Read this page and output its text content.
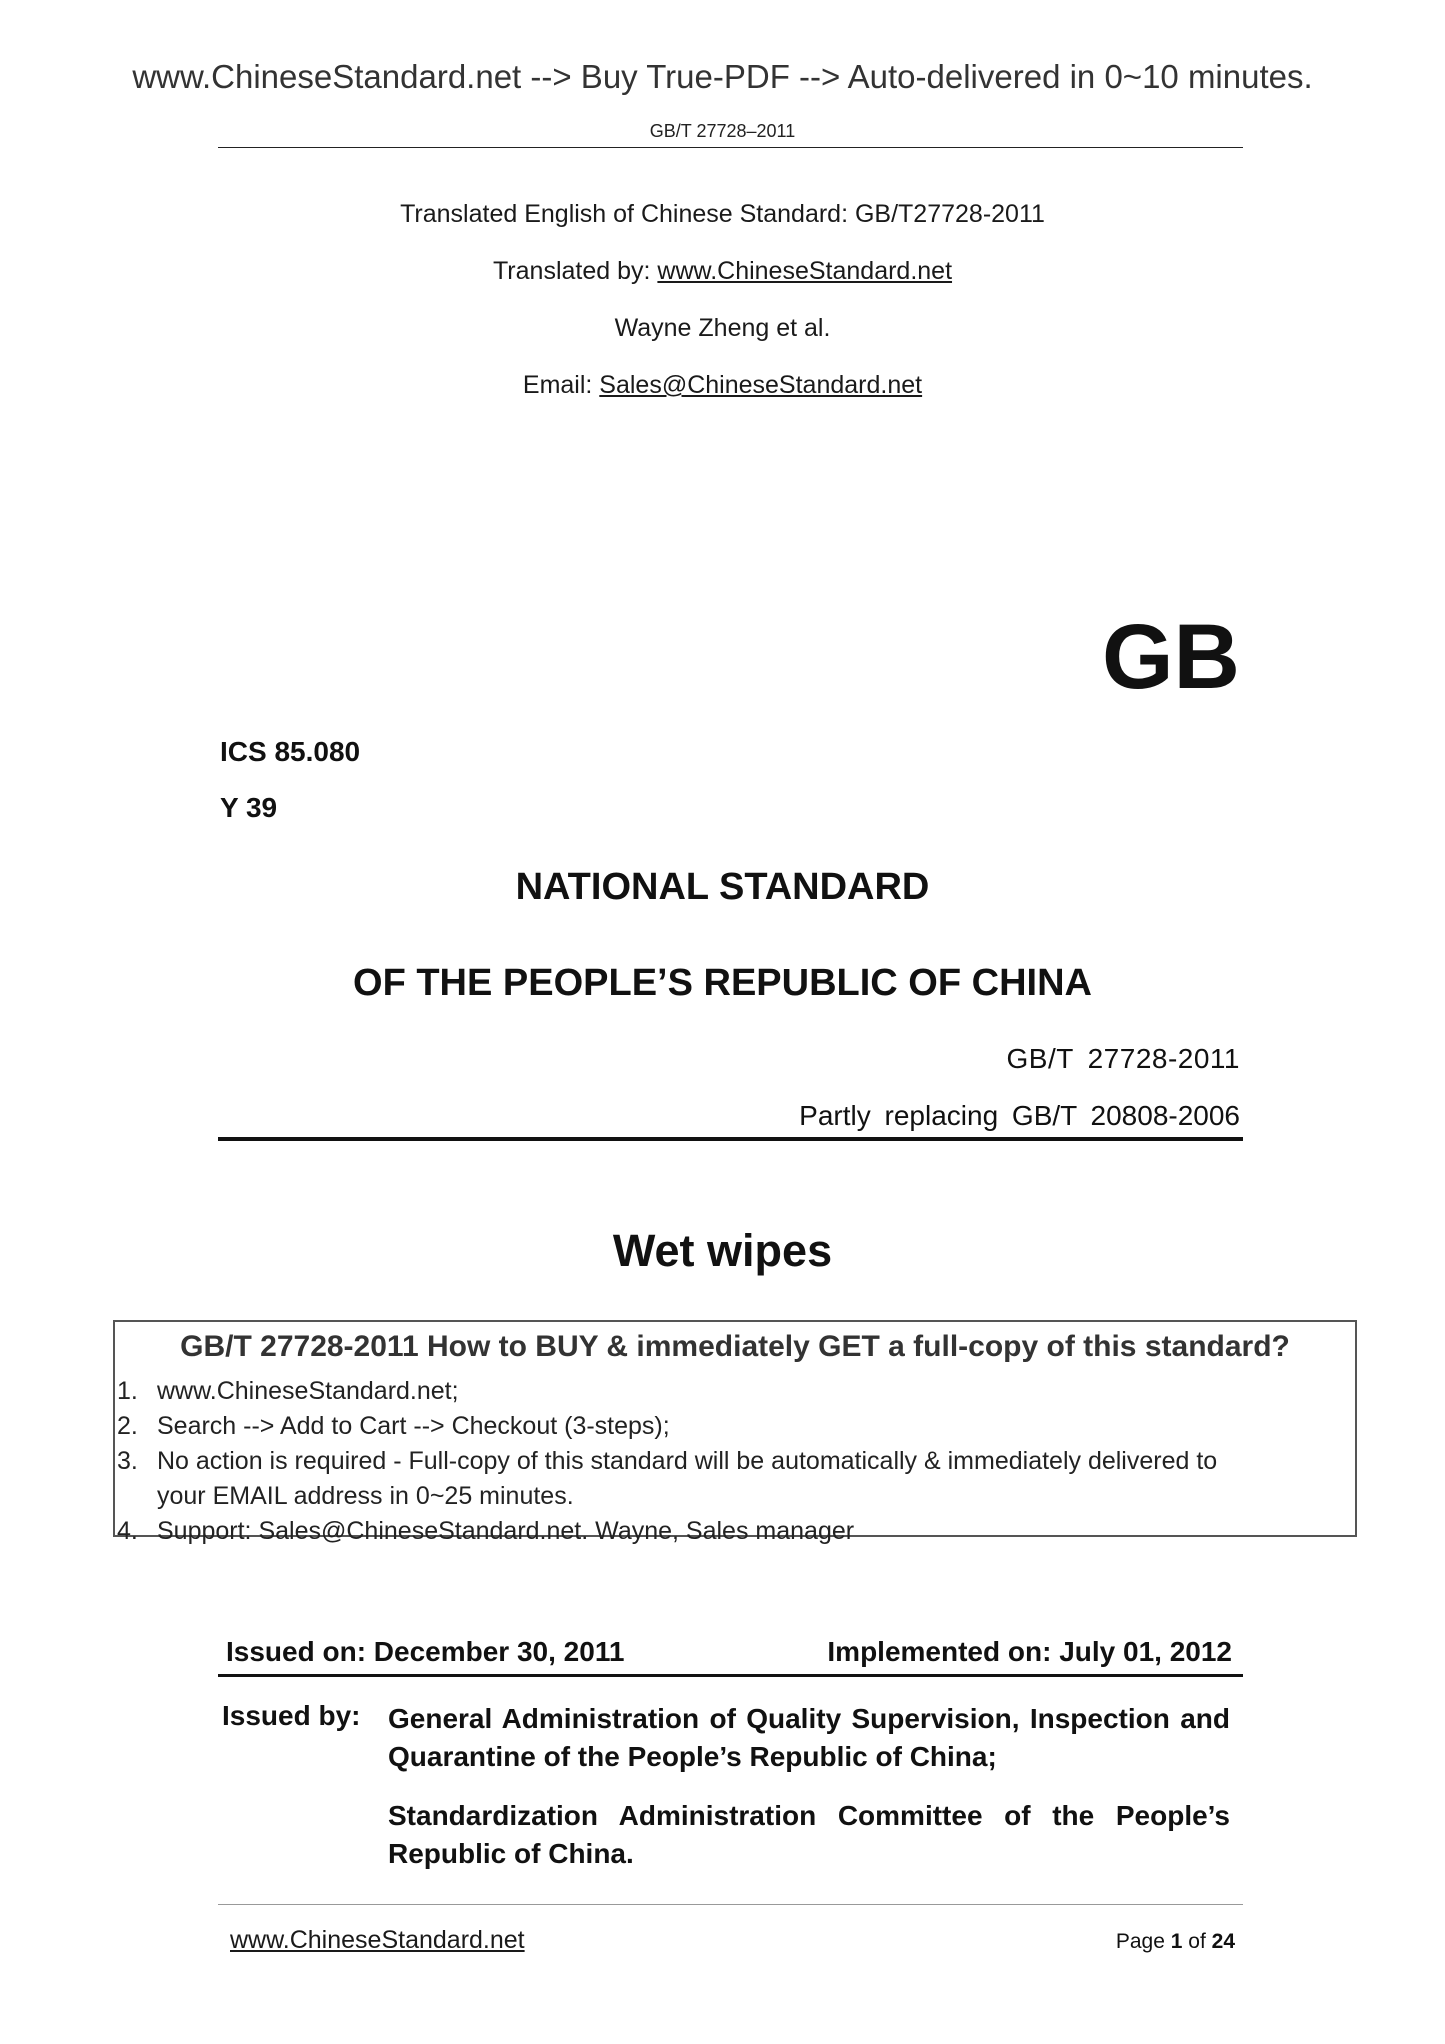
www.ChineseStandard.net --> Buy True-PDF --> Auto-delivered in 0~10 minutes.
GB/T 27728–2011
Translated English of Chinese Standard: GB/T27728-2011
Translated by: www.ChineseStandard.net
Wayne Zheng et al.
Email: Sales@ChineseStandard.net
GB
ICS 85.080
Y 39
NATIONAL STANDARD
OF THE PEOPLE’S REPUBLIC OF CHINA
GB/T 27728-2011
Partly replacing GB/T 20808-2006
Wet wipes
GB/T 27728-2011 How to BUY & immediately GET a full-copy of this standard?
1. www.ChineseStandard.net;
2. Search --> Add to Cart --> Checkout (3-steps);
3. No action is required - Full-copy of this standard will be automatically & immediately delivered to
your EMAIL address in 0~25 minutes.
4. Support: Sales@ChineseStandard.net. Wayne, Sales manager
Issued on: December 30, 2011	Implemented on: July 01, 2012
Issued by: General Administration of Quality Supervision, Inspection and Quarantine of the People’s Republic of China;
Standardization Administration Committee of the People’s Republic of China.
www.ChineseStandard.net	Page 1 of 24
